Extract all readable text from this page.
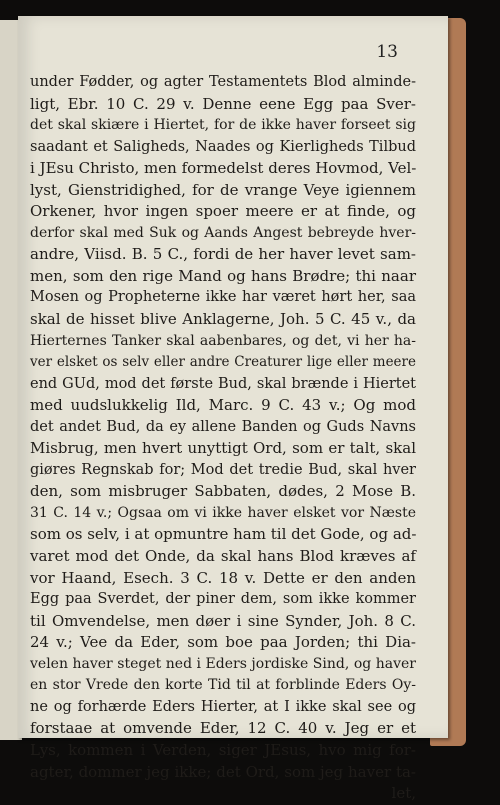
13
under Fødder, og agter Testamentets Blod alminde-
ligt, Ebr. 10 C. 29 v. Denne eene Egg paa Sver-
det skal skiære i Hiertet, for de ikke haver forseet sig
saadant et Saligheds, Naades og Kierligheds Tilbud
i JEsu Christo, men formedelst deres Hovmod, Vel-
lyst, Gienstridighed, for de vrange Veye igiennem
Orkener, hvor ingen spoer meere er at finde, og
derfor skal med Suk og Aands Angest bebreyde hver-
andre, Viisd. B. 5 C., fordi de her haver levet sam-
men, som den rige Mand og hans Brødre; thi naar
Mosen og Propheterne ikke har været hørt her, saa
skal de hisset blive Anklagerne, Joh. 5 C. 45 v., da
Hierternes Tanker skal aabenbares, og det, vi her ha-
ver elsket os selv eller andre Creaturer lige eller meere
end GUd, mod det første Bud, skal brænde i Hiertet
med uudslukkelig Ild, Marc. 9 C. 43 v.; Og mod
det andet Bud, da ey allene Banden og Guds Navns
Misbrug, men hvert unyttigt Ord, som er talt, skal
giøres Regnskab for; Mod det tredie Bud, skal hver
den, som misbruger Sabbaten, dødes, 2 Mose B.
31 C. 14 v.; Ogsaa om vi ikke haver elsket vor Næste
som os selv, i at opmuntre ham til det Gode, og ad-
varet mod det Onde, da skal hans Blod kræves af
vor Haand, Esech. 3 C. 18 v. Dette er den anden
Egg paa Sverdet, der piner dem, som ikke kommer
til Omvendelse, men døer i sine Synder, Joh. 8 C.
24 v.; Vee da Eder, som boe paa Jorden; thi Dia-
velen haver steget ned i Eders jordiske Sind, og haver
en stor Vrede den korte Tid til at forblinde Eders Oy-
ne og forhærde Eders Hierter, at I ikke skal see og
forstaae at omvende Eder, 12 C. 40 v. Jeg er et
Lys, kommen i Verden, siger JEsus, hvo mig for-
agter, dommer jeg ikke; det Ord, som jeg haver ta-
let,
